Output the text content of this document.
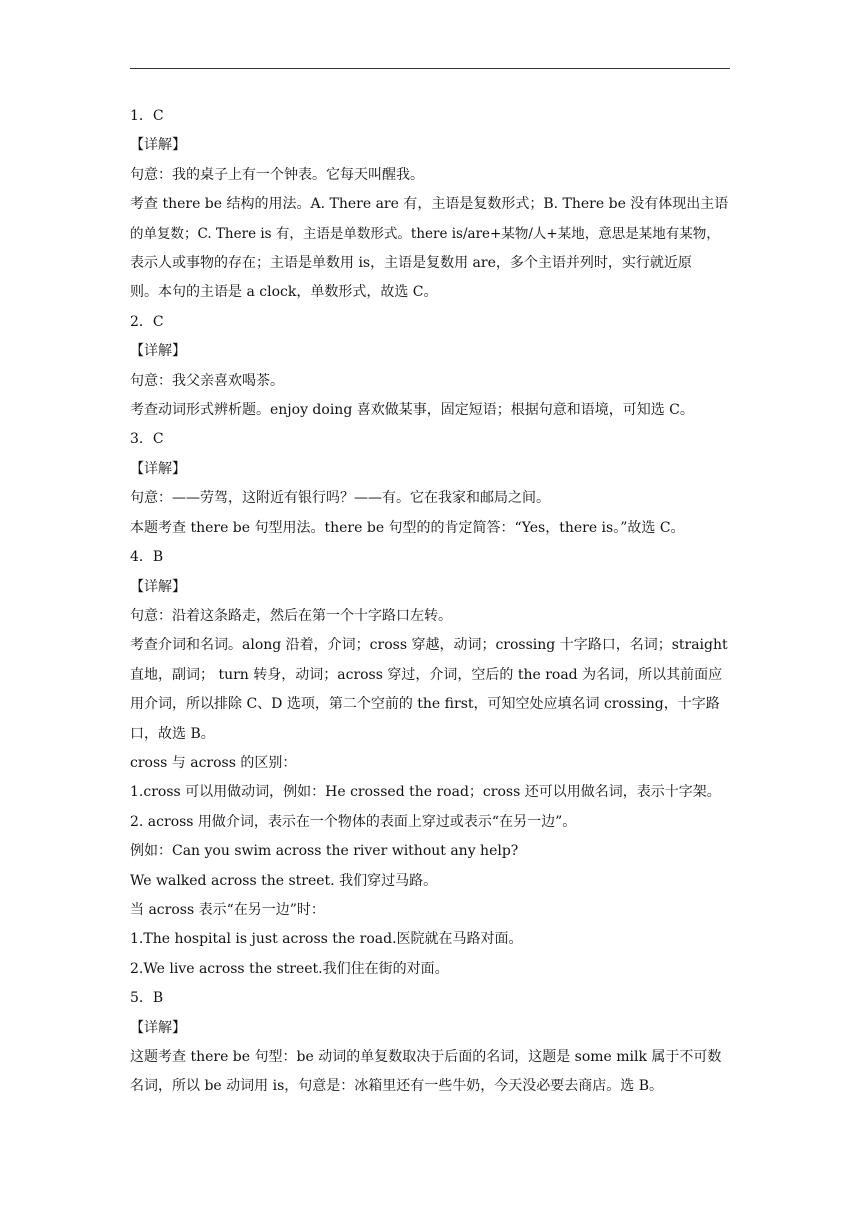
1．C
【详解】
句意：我的桌子上有一个钟表。它每天叫醒我。
考查 there be 结构的用法。A. There are 有，主语是复数形式；B. There be 没有体现出主语
的单复数；C. There is 有，主语是单数形式。there is/are+某物/人+某地，意思是某地有某物，
表示人或事物的存在；主语是单数用 is，主语是复数用 are，多个主语并列时，实行就近原
则。本句的主语是 a clock，单数形式，故选 C。
2．C
【详解】
句意：我父亲喜欢喝茶。
考查动词形式辨析题。enjoy doing 喜欢做某事，固定短语；根据句意和语境，可知选 C。
3．C
【详解】
句意：——劳驾，这附近有银行吗？——有。它在我家和邮局之间。
本题考查 there be 句型用法。there be 句型的的肯定简答：“Yes，there is。”故选 C。
4．B
【详解】
句意：沿着这条路走，然后在第一个十字路口左转。
考查介词和名词。along 沿着，介词；cross 穿越，动词；crossing 十字路口，名词；straight
直地，副词； turn 转身，动词；across 穿过，介词，空后的 the road 为名词，所以其前面应
用介词，所以排除 C、D 选项，第二个空前的 the first，可知空处应填名词 crossing，十字路
口，故选 B。
cross 与 across 的区别：
1.cross 可以用做动词，例如：He crossed the road；cross 还可以用做名词，表示十字架。
2. across 用做介词，表示在一个物体的表面上穿过或表示“在另一边”。
例如：Can you swim across the river without any help?
We walked across the street. 我们穿过马路。
当 across 表示“在另一边”时：
1.The hospital is just across the road.医院就在马路对面。
2.We live across the street.我们住在街的对面。
5．B
【详解】
这题考查 there be 句型：be 动词的单复数取决于后面的名词，这题是 some milk 属于不可数
名词，所以 be 动词用 is，句意是：冰箱里还有一些牛奶，今天没必要去商店。选 B。
